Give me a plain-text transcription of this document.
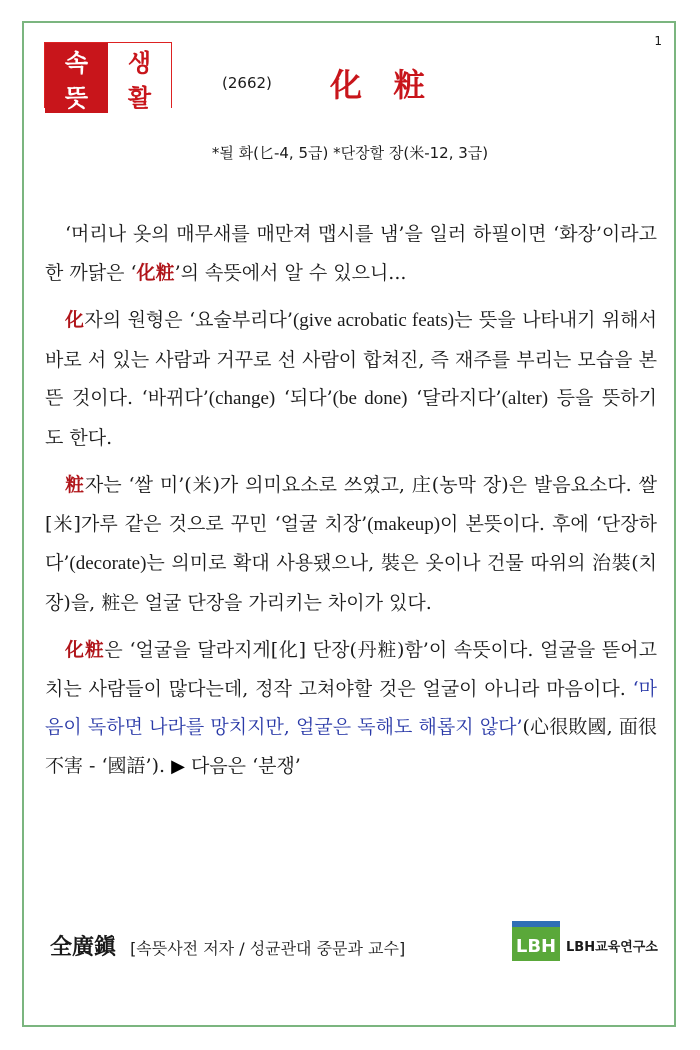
1
속	생
뜻	활
(2662) 化 粧
*될 화(匕-4, 5급) *단장할 장(米-12, 3급)

‘머리나 옷의 매무새를 매만져 맵시를 냄’을 일러 하필이면 ‘화장’이라고 한 까닭은 ‘化粧’의 속뜻에서 알 수 있으니...

化자의 원형은 ‘요술부리다’(give acrobatic feats)는 뜻을 나타내기 위해서 바로 서 있는 사람과 거꾸로 선 사람이 합쳐진, 즉 재주를 부리는 모습을 본뜬 것이다. ‘바뀌다’(change) ‘되다’(be done) ‘달라지다’(alter) 등을 뜻하기도 한다.

粧자는 ‘쌀 미’(米)가 의미요소로 쓰였고, 庄(농막 장)은 발음요소다. 쌀[米]가루 같은 것으로 꾸민 ‘얼굴 치장’(makeup)이 본뜻이다. 후에 ‘단장하다’(decorate)는 의미로 확대 사용됐으나, 裝은 옷이나 건물 따위의 治裝(치장)을, 粧은 얼굴 단장을 가리키는 차이가 있다.

化粧은 ‘얼굴을 달라지게[化] 단장(丹粧)함’이 속뜻이다. 얼굴을 뜯어고치는 사람들이 많다는데, 정작 고쳐야할 것은 얼굴이 아니라 마음이다. ‘마음이 독하면 나라를 망치지만, 얼굴은 독해도 해롭지 않다’(心很敗國, 面很不害 - ‘國語’). ▶ 다음은 ‘분쟁’

全廣鎭 [속뜻사전 저자 / 성균관대 중문과 교수]	LBH LBH교육연구소
